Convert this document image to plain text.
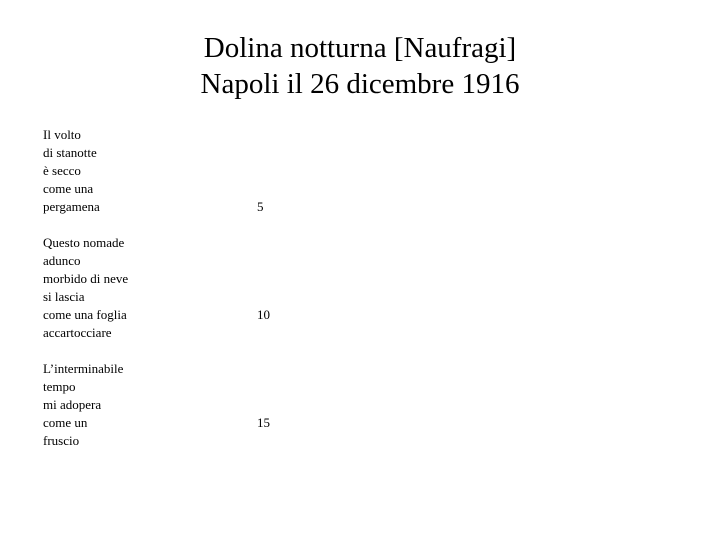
Dolina notturna [Naufragi]
Napoli il 26 dicembre 1916
Il volto
di stanotte
è secco
come una
pergamena	5
Questo nomade
adunco
morbido di neve
si lascia
come una foglia
accartocciare
10
L’interminabile
tempo
mi adopera
come un
fruscio
15
